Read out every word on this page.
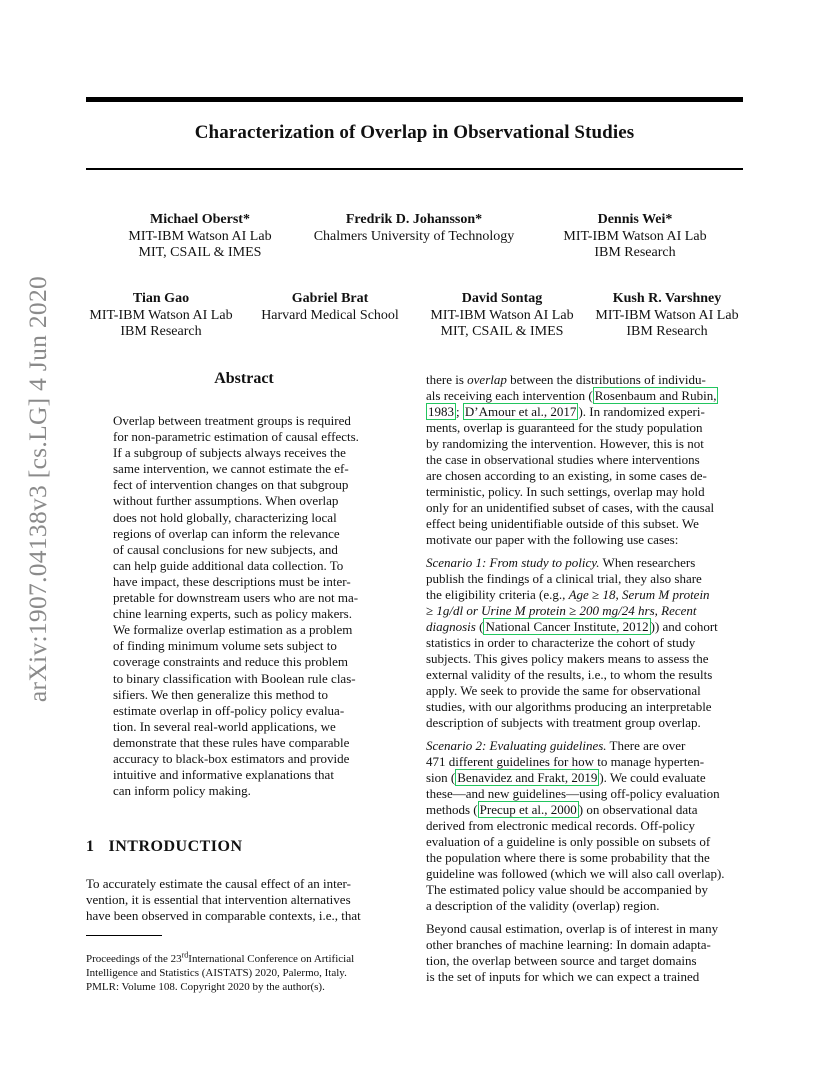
Characterization of Overlap in Observational Studies
Michael Oberst*
MIT-IBM Watson AI Lab
MIT, CSAIL & IMES
Fredrik D. Johansson*
Chalmers University of Technology
Dennis Wei*
MIT-IBM Watson AI Lab
IBM Research
Tian Gao
MIT-IBM Watson AI Lab
IBM Research
Gabriel Brat
Harvard Medical School
David Sontag
MIT-IBM Watson AI Lab
MIT, CSAIL & IMES
Kush R. Varshney
MIT-IBM Watson AI Lab
IBM Research
arXiv:1907.04138v3 [cs.LG] 4 Jun 2020	Abstract
Overlap between treatment groups is required
for non-parametric estimation of causal effects.
If a subgroup of subjects always receives the
same intervention, we cannot estimate the ef-
fect of intervention changes on that subgroup
without further assumptions. When overlap
does not hold globally, characterizing local
regions of overlap can inform the relevance
of causal conclusions for new subjects, and
can help guide additional data collection. To
have impact, these descriptions must be inter-
pretable for downstream users who are not ma-
chine learning experts, such as policy makers.
We formalize overlap estimation as a problem
of finding minimum volume sets subject to
coverage constraints and reduce this problem
to binary classification with Boolean rule clas-
sifiers. We then generalize this method to
estimate overlap in off-policy policy evalua-
tion. In several real-world applications, we
demonstrate that these rules have comparable
accuracy to black-box estimators and provide
intuitive and informative explanations that
can inform policy making.
1 INTRODUCTION
To accurately estimate the causal effect of an inter-
vention, it is essential that intervention alternatives
have been observed in comparable contexts, i.e., that
Proceedings of the 23rdInternational Conference on Artificial
Intelligence and Statistics (AISTATS) 2020, Palermo, Italy.
PMLR: Volume 108. Copyright 2020 by the author(s).
there is overlap between the distributions of individu-
als receiving each intervention ( Rosenbaum and Rubin,
1983 ; D’Amour et al., 2017 ). In randomized experi-
ments, overlap is guaranteed for the study population
by randomizing the intervention. However, this is not
the case in observational studies where interventions
are chosen according to an existing, in some cases de-
terministic, policy. In such settings, overlap may hold
only for an unidentified subset of cases, with the causal
effect being unidentifiable outside of this subset. We
motivate our paper with the following use cases:
Scenario 1: From study to policy. When researchers
publish the findings of a clinical trial, they also share
the eligibility criteria (e.g., Age ≥ 18, Serum M protein
≥ 1g/dl or Urine M protein ≥ 200 mg/24 hrs, Recent
diagnosis ( National Cancer Institute, 2012 )) and cohort
statistics in order to characterize the cohort of study
subjects. This gives policy makers means to assess the
external validity of the results, i.e., to whom the results
apply. We seek to provide the same for observational
studies, with our algorithms producing an interpretable
description of subjects with treatment group overlap.
Scenario 2: Evaluating guidelines. There are over
471 different guidelines for how to manage hyperten-
sion ( Benavidez and Frakt, 2019 ). We could evaluate
these—and new guidelines—using off-policy evaluation
methods ( Precup et al., 2000 ) on observational data
derived from electronic medical records. Off-policy
evaluation of a guideline is only possible on subsets of
the population where there is some probability that the
guideline was followed (which we will also call overlap).
The estimated policy value should be accompanied by
a description of the validity (overlap) region.
Beyond causal estimation, overlap is of interest in many
other branches of machine learning: In domain adapta-
tion, the overlap between source and target domains
is the set of inputs for which we can expect a trained
